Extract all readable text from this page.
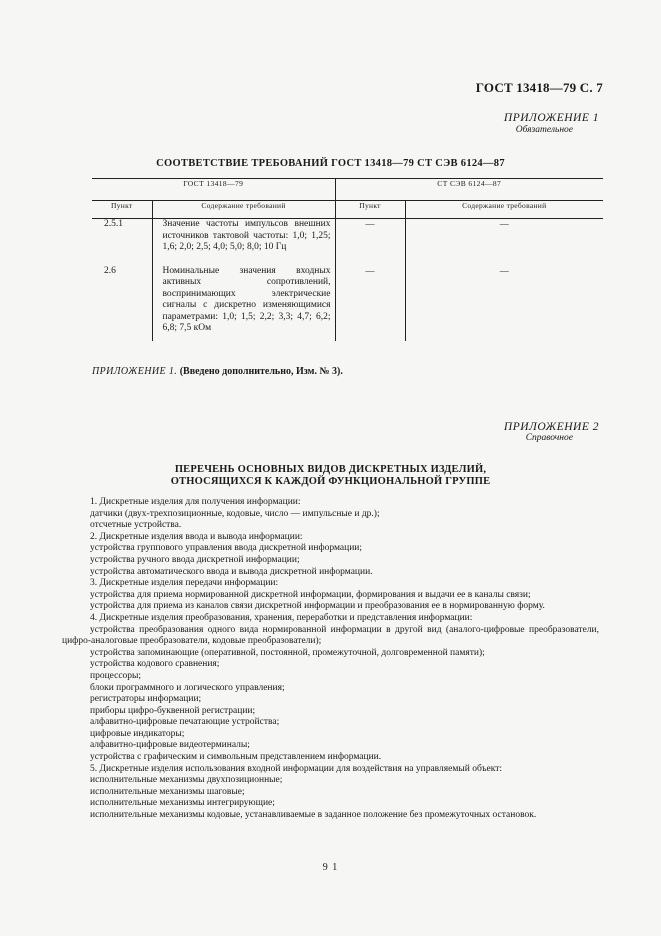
ГОСТ 13418—79 С. 7
ПРИЛОЖЕНИЕ 1
Обязательное
СООТВЕТСТВИЕ ТРЕБОВАНИЙ ГОСТ 13418—79 СТ СЭВ 6124—87
ГОСТ 13418—79		СТ СЭВ 6124—87	
Пункт	Содержание требований	Пункт	Содержание требований
2.5.1	Значение частоты импульсов внешних источников тактовой частоты: 1,0; 1,25; 1,6; 2,0; 2,5; 4,0; 5,0; 8,0; 10 Гц	—	—
2.6	Номинальные значения входных активных сопротивлений, воспринимающих электрические сигналы с дискретно изменяющимися параметрами: 1,0; 1,5; 2,2; 3,3; 4,7; 6,2; 6,8; 7,5 кОм	—	—
ПРИЛОЖЕНИЕ 1. (Введено дополнительно, Изм. № 3).
ПРИЛОЖЕНИЕ 2
Справочное
ПЕРЕЧЕНЬ ОСНОВНЫХ ВИДОВ ДИСКРЕТНЫХ ИЗДЕЛИЙ,
ОТНОСЯЩИХСЯ К КАЖДОЙ ФУНКЦИОНАЛЬНОЙ ГРУППЕ

1. Дискретные изделия для получения информации:

датчики (двух-трехпозиционные, кодовые, число — импульсные и др.);

отсчетные устройства.

2. Дискретные изделия ввода и вывода информации:

устройства группового управления ввода дискретной информации;

устройства ручного ввода дискретной информации;

устройства автоматического ввода и вывода дискретной информации.

3. Дискретные изделия передачи информации:

устройства для приема нормированной дискретной информации, формирования и выдачи ее в каналы связи;

устройства для приема из каналов связи дискретной информации и преобразования ее в нормированную форму.

4. Дискретные изделия преобразования, хранения, переработки и представления информации:

устройства преобразования одного вида нормированной информации в другой вид (аналого-цифровые преобразователи, цифро-аналоговые преобразователи, кодовые преобразователи);

устройства запоминающие (оперативной, постоянной, промежуточной, долговременной памяти);

устройства кодового сравнения;

процессоры;

блоки программного и логического управления;

регистраторы информации;

приборы цифро-буквенной регистрации;

алфавитно-цифровые печатающие устройства;

цифровые индикаторы;

алфавитно-цифровые видеотерминалы;

устройства с графическим и символьным представлением информации.

5. Дискретные изделия использования входной информации для воздействия на управляемый объект:

исполнительные механизмы двухпозиционные;

исполнительные механизмы шаговые;

исполнительные механизмы интегрирующие;

исполнительные механизмы кодовые, устанавливаемые в заданное положение без промежуточных остановок.

9 1
